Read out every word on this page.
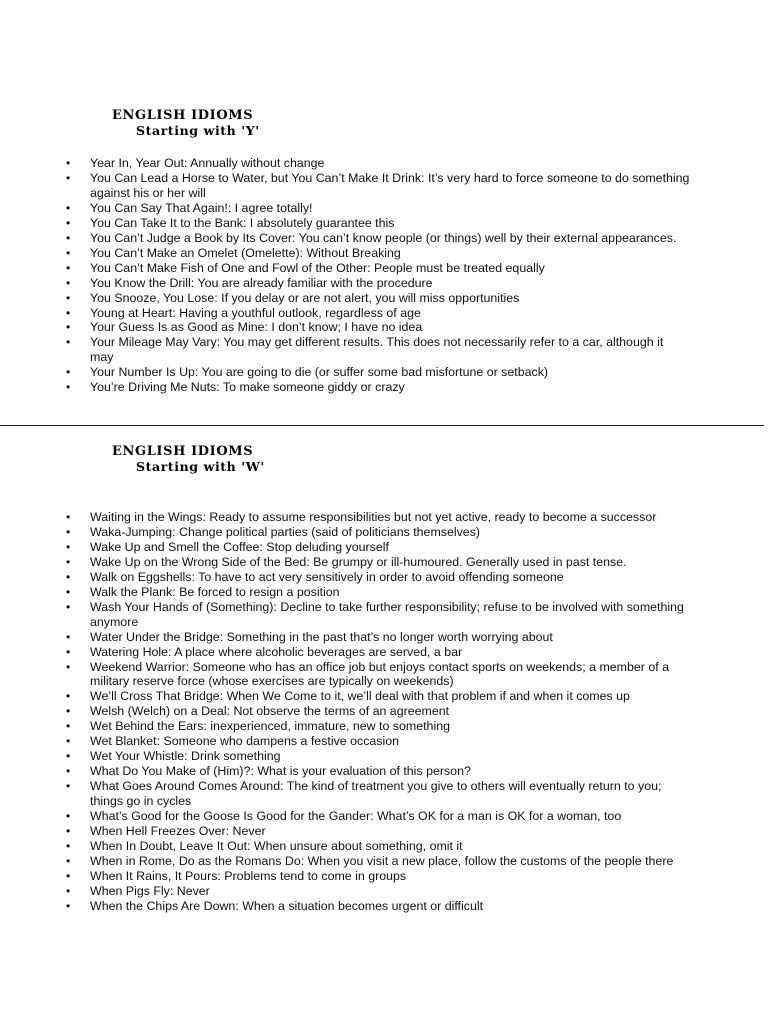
ENGLISH IDIOMS
Starting with 'Y'
• Year In, Year Out: Annually without change
• You Can Lead a Horse to Water, but You Can’t Make It Drink: It’s very hard to force someone to do something against his or her will
• You Can Say That Again!: I agree totally!
• You Can Take It to the Bank: I absolutely guarantee this
• You Can’t Judge a Book by Its Cover: You can’t know people (or things) well by their external appearances.
• You Can’t Make an Omelet (Omelette): Without Breaking
• You Can’t Make Fish of One and Fowl of the Other: People must be treated equally
• You Know the Drill: You are already familiar with the procedure
• You Snooze, You Lose: If you delay or are not alert, you will miss opportunities
• Young at Heart: Having a youthful outlook, regardless of age
• Your Guess Is as Good as Mine: I don’t know; I have no idea
• Your Mileage May Vary: You may get different results. This does not necessarily refer to a car, although it may
• Your Number Is Up: You are going to die (or suffer some bad misfortune or setback)
• You’re Driving Me Nuts: To make someone giddy or crazy
ENGLISH IDIOMS
Starting with 'W'
• Waiting in the Wings: Ready to assume responsibilities but not yet active, ready to become a successor
• Waka-Jumping: Change political parties (said of politicians themselves)
• Wake Up and Smell the Coffee: Stop deluding yourself
• Wake Up on the Wrong Side of the Bed: Be grumpy or ill-humoured. Generally used in past tense.
• Walk on Eggshells: To have to act very sensitively in order to avoid offending someone
• Walk the Plank: Be forced to resign a position
• Wash Your Hands of (Something): Decline to take further responsibility; refuse to be involved with something anymore
• Water Under the Bridge: Something in the past that’s no longer worth worrying about
• Watering Hole: A place where alcoholic beverages are served, a bar
• Weekend Warrior: Someone who has an office job but enjoys contact sports on weekends; a member of a military reserve force (whose exercises are typically on weekends)
• We’ll Cross That Bridge: When We Come to it, we’ll deal with that problem if and when it comes up
• Welsh (Welch) on a Deal: Not observe the terms of an agreement
• Wet Behind the Ears: inexperienced, immature, new to something
• Wet Blanket: Someone who dampens a festive occasion
• Wet Your Whistle: Drink something
• What Do You Make of (Him)?: What is your evaluation of this person?
• What Goes Around Comes Around: The kind of treatment you give to others will eventually return to you; things go in cycles
• What’s Good for the Goose Is Good for the Gander: What’s OK for a man is OK for a woman, too
• When Hell Freezes Over: Never
• When In Doubt, Leave It Out: When unsure about something, omit it
• When in Rome, Do as the Romans Do: When you visit a new place, follow the customs of the people there
• When It Rains, It Pours: Problems tend to come in groups
• When Pigs Fly: Never
• When the Chips Are Down: When a situation becomes urgent or difficult
